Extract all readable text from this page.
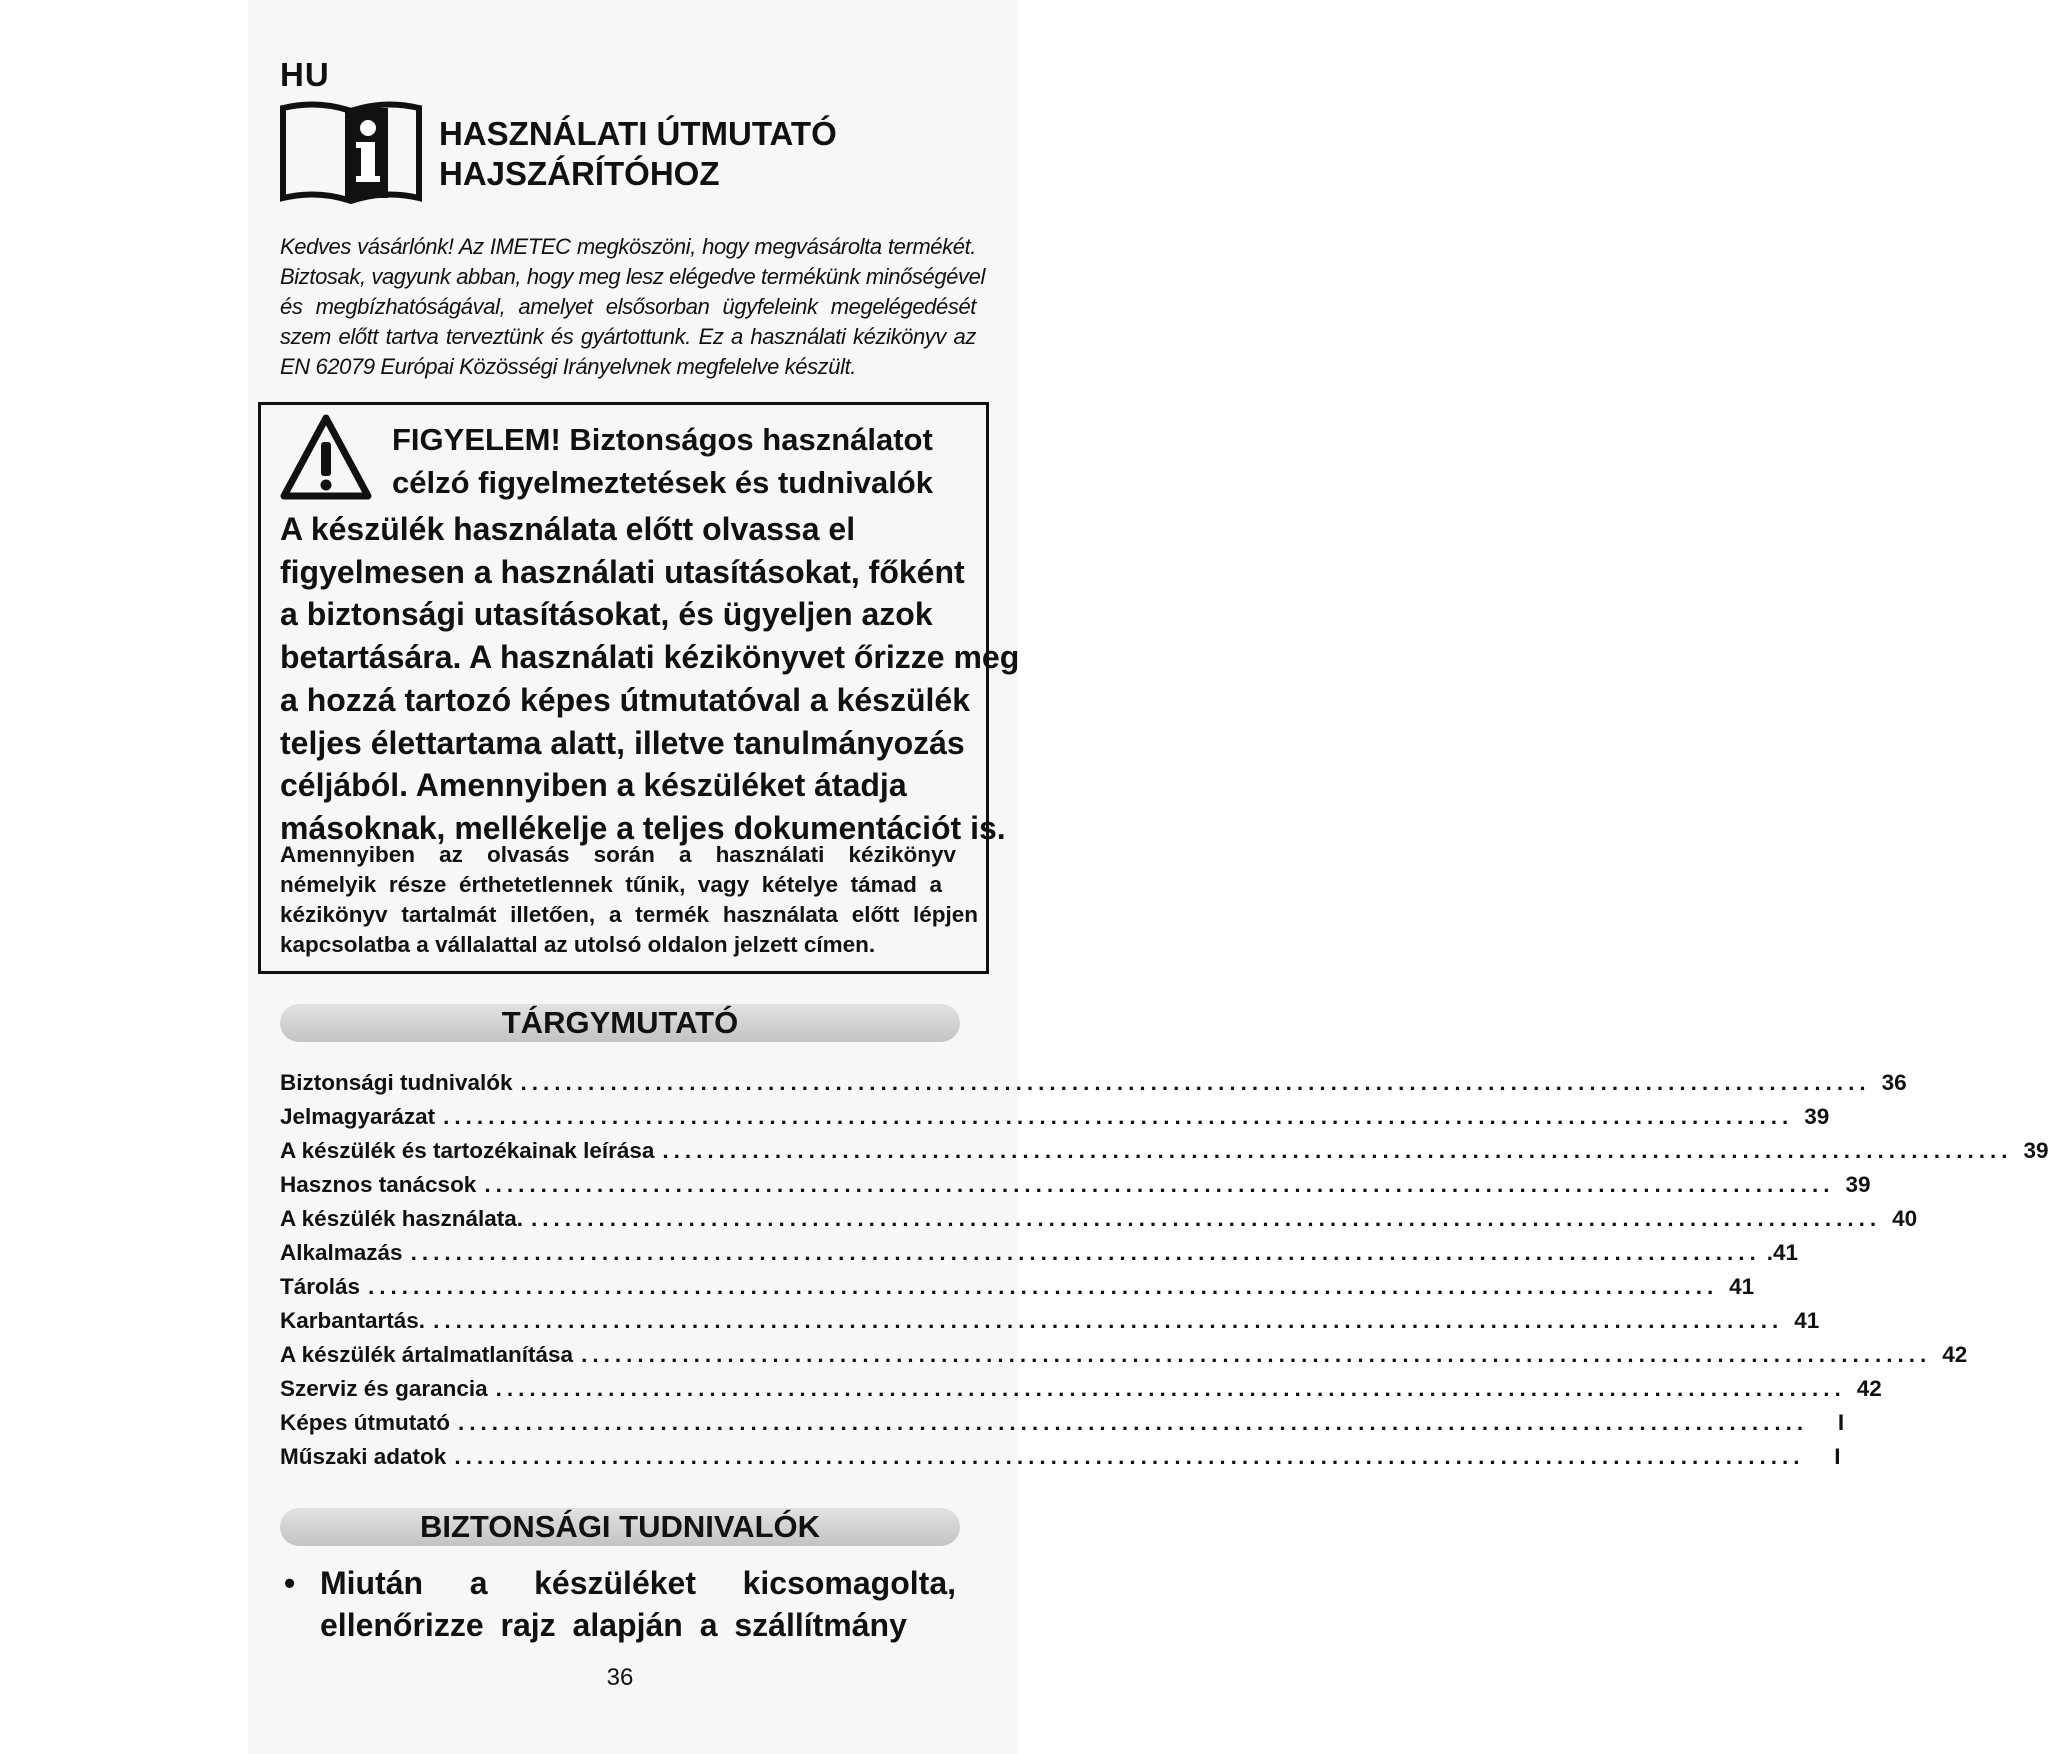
HU
HASZNÁLATI ÚTMUTATÓ
HAJSZÁRÍTÓHOZ
Kedves vásárlónk! Az IMETEC megköszöni, hogy megvásárolta termékét.
Biztosak, vagyunk abban, hogy meg lesz elégedve termékünk minőségével
és megbízhatóságával, amelyet elsősorban ügyfeleink megelégedését
szem előtt tartva terveztünk és gyártottunk. Ez a használati kézikönyv az
EN 62079 Európai Közösségi Irányelvnek megfelelve készült.
FIGYELEM! Biztonságos használatot
célzó figyelmeztetések és tudnivalók
A készülék használata előtt olvassa el
figyelmesen a használati utasításokat, főként
a biztonsági utasításokat, és ügyeljen azok
betartására. A használati kézikönyvet őrizze meg
a hozzá tartozó képes útmutatóval a készülék
teljes élettartama alatt, illetve tanulmányozás
céljából. Amennyiben a készüléket átadja
másoknak, mellékelje a teljes dokumentációt is.
Amennyiben az olvasás során a használati kézikönyv
némelyik része érthetetlennek tűnik, vagy kételye támad a
kézikönyv tartalmát illetően, a termék használata előtt lépjen
kapcsolatba a vállalattal az utolsó oldalon jelzett címen.
TÁRGYMUTATÓ
Biztonsági tudnivalók ........................................................................................................................ 36
Jelmagyarázat ........................................................................................................................ 39
A készülék és tartozékainak leírása ........................................................................................................................ 39
Hasznos tanácsok ........................................................................................................................ 39
A készülék használata. ........................................................................................................................ 40
Alkalmazás ........................................................................................................................ .41
Tárolás ........................................................................................................................ 41
Karbantartás. ........................................................................................................................ 41
A készülék ártalmatlanítása ........................................................................................................................ 42
Szerviz és garancia ........................................................................................................................ 42
Képes útmutató ........................................................................................................................	I
Műszaki adatok ........................................................................................................................	I
BIZTONSÁGI TUDNIVALÓK
• Miután a készüléket kicsomagolta,
ellenőrizze rajz alapján a szállítmány
36
